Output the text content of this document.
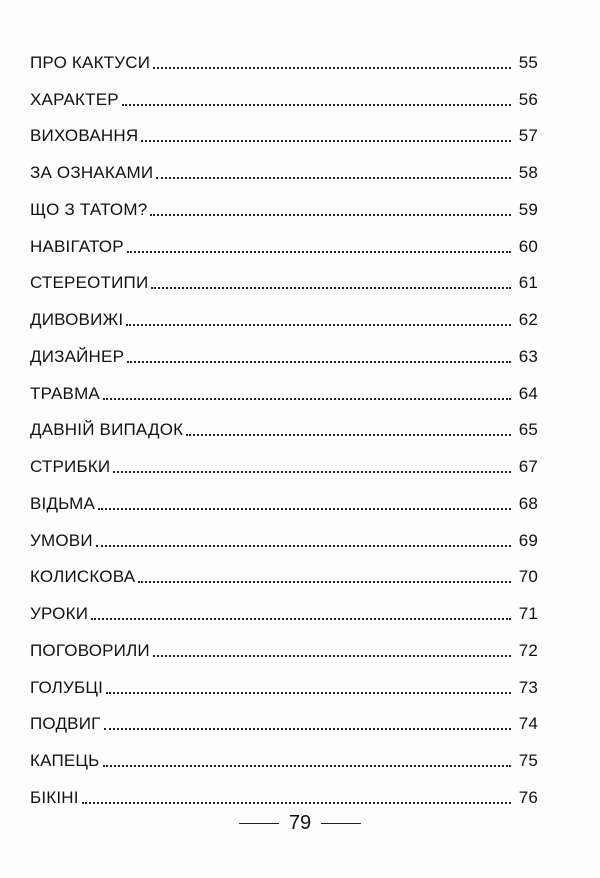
ПРО КАКТУСИ	55
ХАРАКТЕР	56
ВИХОВАННЯ	57
ЗА ОЗНАКАМИ	58
ЩО З ТАТОМ?	59
НАВІГАТОР	60
СТЕРЕОТИПИ	61
ДИВОВИЖІ	62
ДИЗАЙНЕР	63
ТРАВМА	64
ДАВНІЙ ВИПАДОК	65
СТРИБКИ	67
ВІДЬМА	68
УМОВИ	69
КОЛИСКОВА	70
УРОКИ	71
ПОГОВОРИЛИ	72
ГОЛУБЦІ	73
ПОДВИГ	74
КАПЕЦЬ	75
БІКІНІ	76
79
